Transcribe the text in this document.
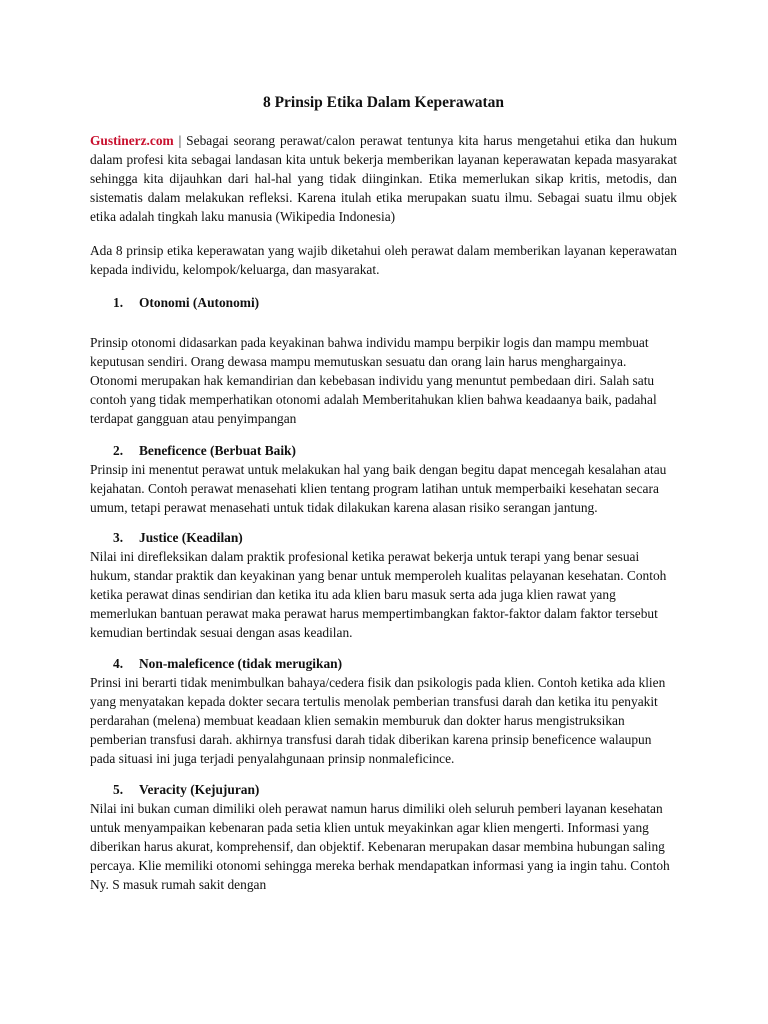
8 Prinsip Etika Dalam Keperawatan

Gustinerz.com | Sebagai seorang perawat/calon perawat tentunya kita harus mengetahui etika dan hukum dalam profesi kita sebagai landasan kita untuk bekerja memberikan layanan keperawatan kepada masyarakat sehingga kita dijauhkan dari hal-hal yang tidak diinginkan. Etika memerlukan sikap kritis, metodis, dan sistematis dalam melakukan refleksi. Karena itulah etika merupakan suatu ilmu. Sebagai suatu ilmu objek etika adalah tingkah laku manusia (Wikipedia Indonesia)

Ada 8 prinsip etika keperawatan yang wajib diketahui oleh perawat dalam memberikan layanan keperawatan kepada individu, kelompok/keluarga, dan masyarakat.

1.	Otonomi (Autonomi)

Prinsip otonomi didasarkan pada keyakinan bahwa individu mampu berpikir logis dan mampu membuat keputusan sendiri. Orang dewasa mampu memutuskan sesuatu dan orang lain harus menghargainya. Otonomi merupakan hak kemandirian dan kebebasan individu yang menuntut pembedaan diri. Salah satu contoh yang tidak memperhatikan otonomi adalah Memberitahukan klien bahwa keadaanya baik, padahal terdapat gangguan atau penyimpangan

2.	Beneficence (Berbuat Baik)

Prinsip ini menentut perawat untuk melakukan hal yang baik dengan begitu dapat mencegah kesalahan atau kejahatan. Contoh perawat menasehati klien tentang program latihan untuk memperbaiki kesehatan secara umum, tetapi perawat menasehati untuk tidak dilakukan karena alasan risiko serangan jantung.

3.	Justice (Keadilan)

Nilai ini direfleksikan dalam praktik profesional ketika perawat bekerja untuk terapi yang benar sesuai hukum, standar praktik dan keyakinan yang benar untuk memperoleh kualitas pelayanan kesehatan. Contoh ketika perawat dinas sendirian dan ketika itu ada klien baru masuk serta ada juga klien rawat yang memerlukan bantuan perawat maka perawat harus mempertimbangkan faktor-faktor dalam faktor tersebut kemudian bertindak sesuai dengan asas keadilan.

4.	Non-maleficence (tidak merugikan)

Prinsi ini berarti tidak menimbulkan bahaya/cedera fisik dan psikologis pada klien. Contoh ketika ada klien yang menyatakan kepada dokter secara tertulis menolak pemberian transfusi darah dan ketika itu penyakit perdarahan (melena) membuat keadaan klien semakin memburuk dan dokter harus mengistruksikan pemberian transfusi darah. akhirnya transfusi darah tidak diberikan karena prinsip beneficence walaupun pada situasi ini juga terjadi penyalahgunaan prinsip nonmaleficince.

5.	Veracity (Kejujuran)

Nilai ini bukan cuman dimiliki oleh perawat namun harus dimiliki oleh seluruh pemberi layanan kesehatan untuk menyampaikan kebenaran pada setia klien untuk meyakinkan agar klien mengerti. Informasi yang diberikan harus akurat, komprehensif, dan objektif. Kebenaran merupakan dasar membina hubungan saling percaya. Klie memiliki otonomi sehingga mereka berhak mendapatkan informasi yang ia ingin tahu. Contoh Ny. S masuk rumah sakit dengan
